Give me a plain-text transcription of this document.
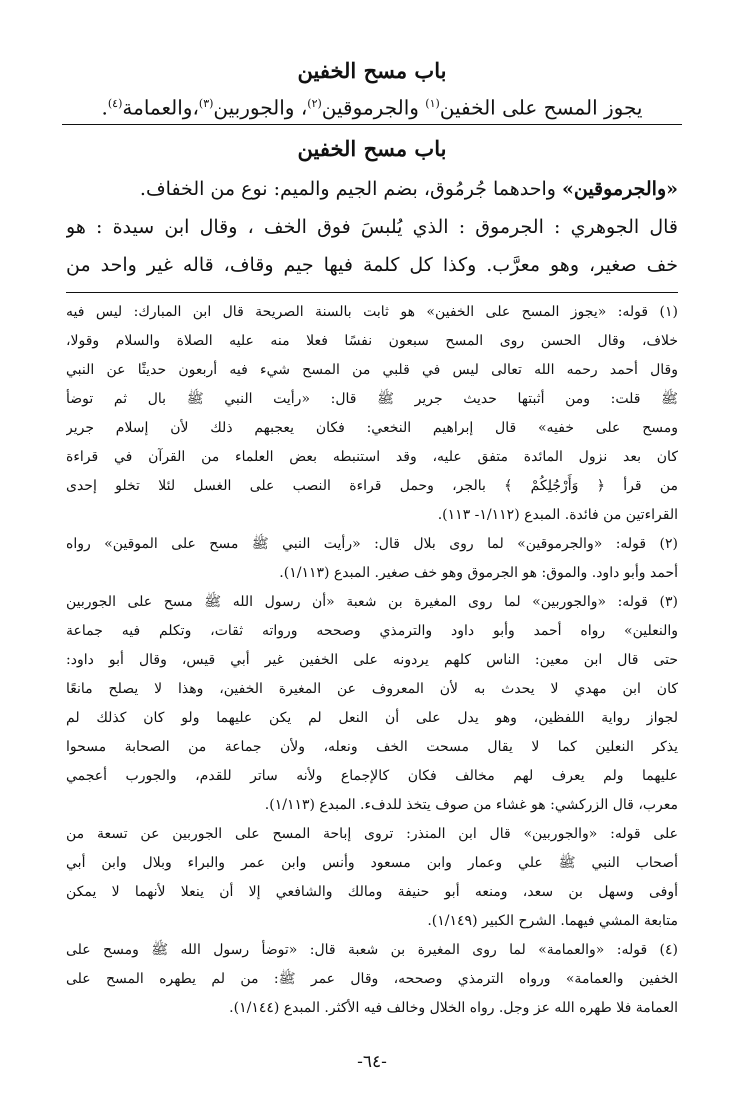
باب مسح الخفين
يجوز المسح على الخفين$^{(١)}$ والجرموقين$^{(٢)}$، والجوربين$^{(٣)}$،والعمامة$^{(٤)}$.
باب مسح الخفين
«والجرموقين» واحدهما جُرمُوق، بضم الجيم والميم: نوع من الخفاف.
قال الجوهري : الجرموق : الذي يُلبسَ فوق الخف ، وقال ابن سيدة : هو
خف صغير، وهو معرَّب. وكذا كل كلمة فيها جيم وقاف، قاله غير واحد من
(١) قوله: «يجوز المسح على الخفين» هو ثابت بالسنة الصريحة قال ابن المبارك: ليس فيه
خلاف، وقال الحسن روى المسح سبعون نفسًا فعلا منه عليه الصلاة والسلام وقولا،
وقال أحمد رحمه الله تعالى ليس في قلبي من المسح شيء فيه أربعون حديثًا عن النبي
ﷺ قلت: ومن أثبتها حديث جرير ﷺ قال: «رأيت النبي ﷺ بال ثم توضأ
ومسح على خفيه» قال إبراهيم النخعي: فكان يعجبهم ذلك لأن إسلام جرير
كان بعد نزول المائدة متفق عليه، وقد استنبطه بعض العلماء من القرآن في قراءة
من قرأ ﴿ وَأَرْجُلِكُمْ ﴾ بالجر، وحمل قراءة النصب على الغسل لئلا تخلو إحدى
القراءتين من فائدة. المبدع (١/١١٢- ١١٣).
(٢) قوله: «والجرموقين» لما روى بلال قال: «رأيت النبي ﷺ مسح على الموقين» رواه
أحمد وأبو داود. والموق: هو الجرموق وهو خف صغير. المبدع (١/١١٣).
(٣) قوله: «والجوربين» لما روى المغيرة بن شعبة «أن رسول الله ﷺ مسح على الجوربين
والنعلين» رواه أحمد وأبو داود والترمذي وصححه ورواته ثقات، وتكلم فيه جماعة
حتى قال ابن معين: الناس كلهم يردونه على الخفين غير أبي قيس، وقال أبو داود:
كان ابن مهدي لا يحدث به لأن المعروف عن المغيرة الخفين، وهذا لا يصلح مانعًا
لجواز رواية اللفظين، وهو يدل على أن النعل لم يكن عليهما ولو كان كذلك لم
يذكر النعلين كما لا يقال مسحت الخف ونعله، ولأن جماعة من الصحابة مسحوا
عليهما ولم يعرف لهم مخالف فكان كالإجماع ولأنه ساتر للقدم، والجورب أعجمي
معرب، قال الزركشي: هو غشاء من صوف يتخذ للدفء. المبدع (١/١١٣).
على قوله: «والجوربين» قال ابن المنذر: تروى إباحة المسح على الجوربين عن تسعة من
أصحاب النبي ﷺ علي وعمار وابن مسعود وأنس وابن عمر والبراء وبلال وابن أبي
أوفى وسهل بن سعد، ومنعه أبو حنيفة ومالك والشافعي إلا أن ينعلا لأنهما لا يمكن
متابعة المشي فيهما. الشرح الكبير (١/١٤٩).
(٤) قوله: «والعمامة» لما روى المغيرة بن شعبة قال: «توضأ رسول الله ﷺ ومسح على
الخفين والعمامة» ورواه الترمذي وصححه، وقال عمر ﷺ: من لم يطهره المسح على
العمامة فلا طهره الله عز وجل. رواه الخلال وخالف فيه الأكثر. المبدع (١/١٤٤).
-٦٤-
